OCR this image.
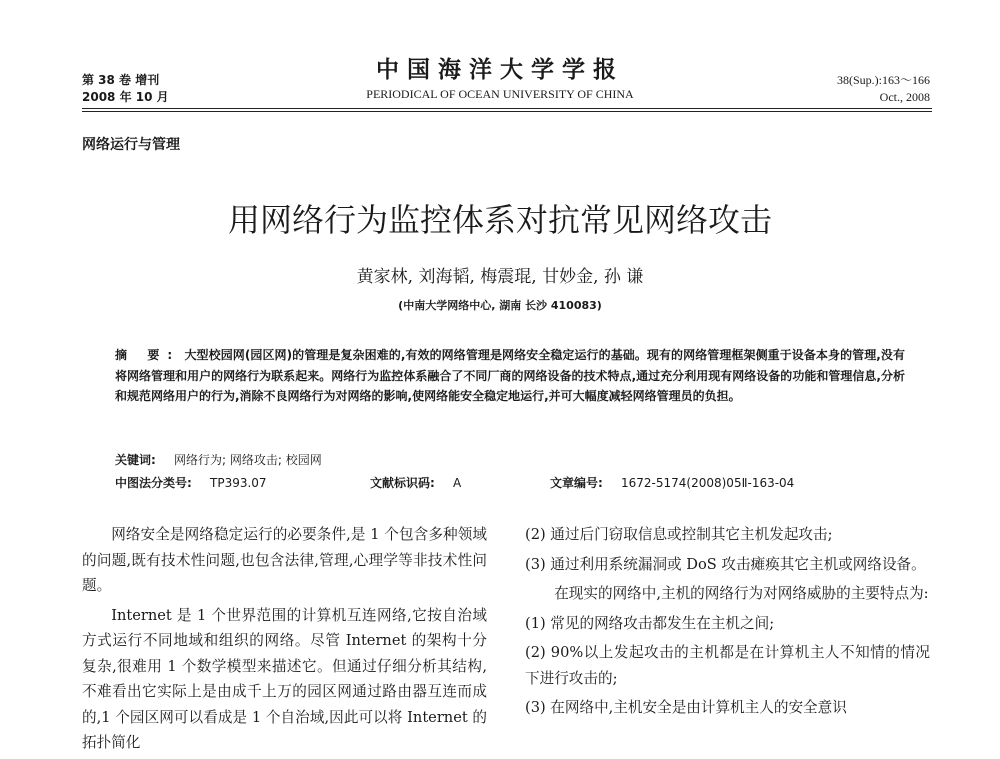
第 38 卷 增刊
2008 年 10 月
中国海洋大学学报
PERIODICAL OF OCEAN UNIVERSITY OF CHINA
38(Sup.):163～166
Oct., 2008
网络运行与管理
用网络行为监控体系对抗常见网络攻击
黄家林, 刘海韬, 梅震琨, 甘妙金, 孙 谦
(中南大学网络中心, 湖南 长沙 410083)
摘 要: 大型校园网(园区网)的管理是复杂困难的,有效的网络管理是网络安全稳定运行的基础。现有的网络管理框架侧重于设备本身的管理,没有将网络管理和用户的网络行为联系起来。网络行为监控体系融合了不同厂商的网络设备的技术特点,通过充分利用现有网络设备的功能和管理信息,分析和规范网络用户的行为,消除不良网络行为对网络的影响,使网络能安全稳定地运行,并可大幅度减轻网络管理员的负担。
关键词: 网络行为; 网络攻击; 校园网
中图法分类号: TP393.07	文献标识码: A	文章编号: 1672-5174(2008)05Ⅱ-163-04

网络安全是网络稳定运行的必要条件,是 1 个包含多种领域的问题,既有技术性问题,也包含法律,管理,心理学等非技术性问题。

Internet 是 1 个世界范围的计算机互连网络,它按自治域方式运行不同地域和组织的网络。尽管 Internet 的架构十分复杂,很难用 1 个数学模型来描述它。但通过仔细分析其结构,不难看出它实际上是由成千上万的园区网通过路由器互连而成的,1 个园区网可以看成是 1 个自治域,因此可以将 Internet 的拓扑简化

(2) 通过后门窃取信息或控制其它主机发起攻击;

(3) 通过利用系统漏洞或 DoS 攻击瘫痪其它主机或网络设备。

在现实的网络中,主机的网络行为对网络威胁的主要特点为:

(1) 常见的网络攻击都发生在主机之间;

(2) 90%以上发起攻击的主机都是在计算机主人不知情的情况下进行攻击的;

(3) 在网络中,主机安全是由计算机主人的安全意识
